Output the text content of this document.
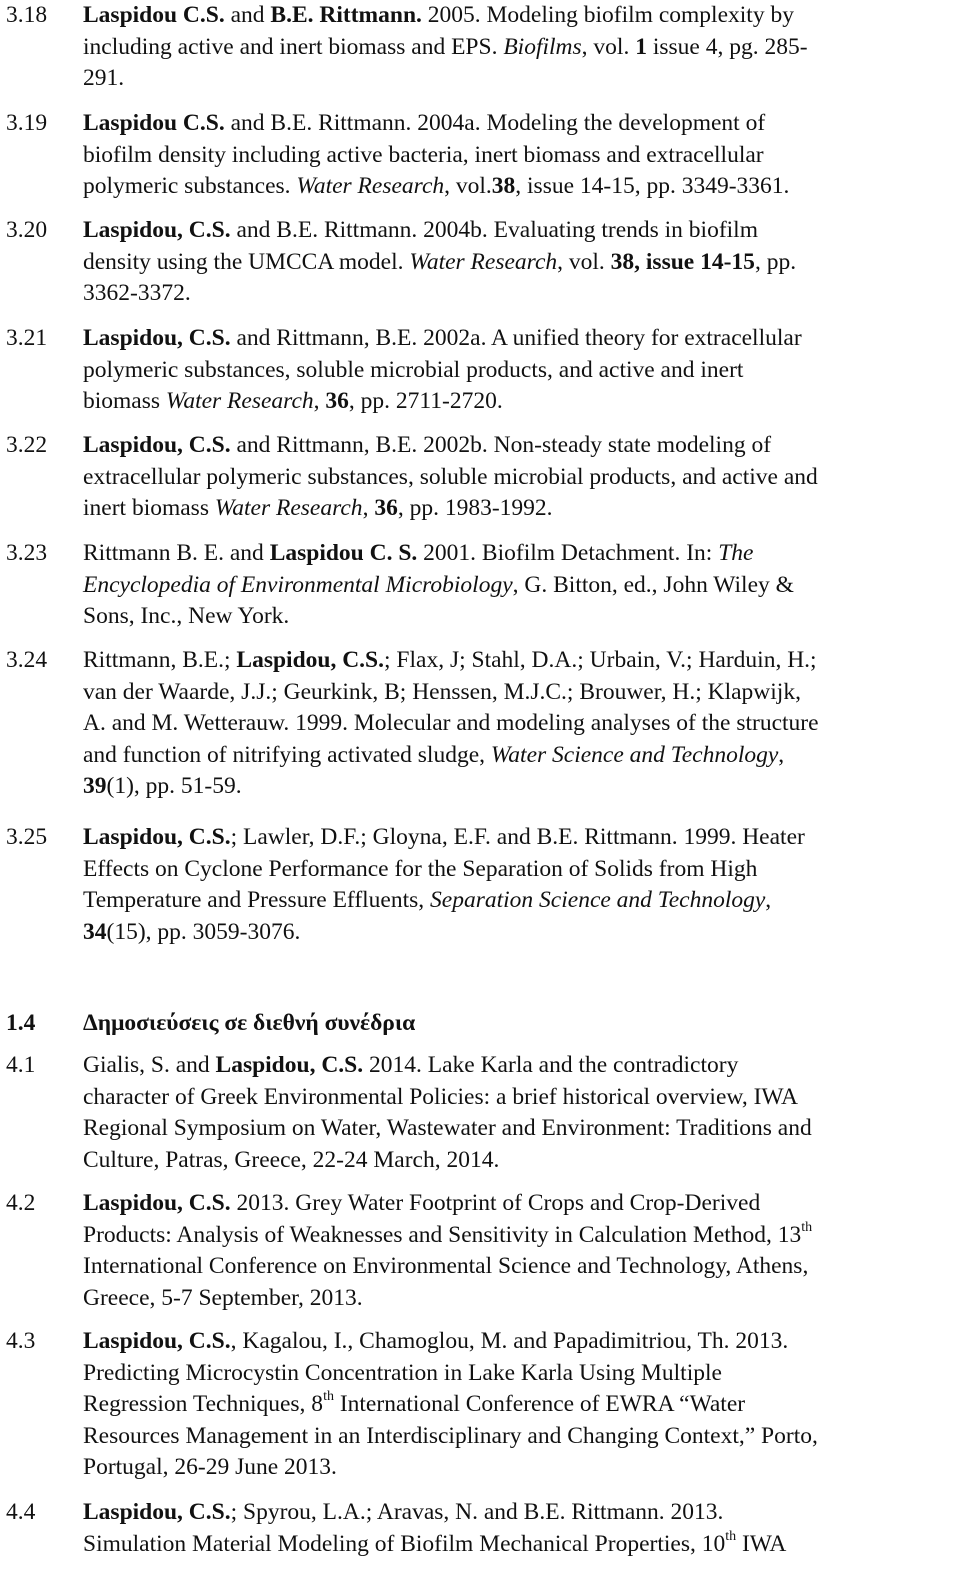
3.18 Laspidou C.S. and B.E. Rittmann. 2005. Modeling biofilm complexity by
including active and inert biomass and EPS. Biofilms, vol. 1 issue 4, pg. 285-
291.
3.19 Laspidou C.S. and B.E. Rittmann. 2004a. Modeling the development of
biofilm density including active bacteria, inert biomass and extracellular
polymeric substances. Water Research, vol.38, issue 14-15, pp. 3349-3361.
3.20 Laspidou, C.S. and B.E. Rittmann. 2004b. Evaluating trends in biofilm
density using the UMCCA model. Water Research, vol. 38, issue 14-15, pp.
3362-3372.
3.21 Laspidou, C.S. and Rittmann, B.E. 2002a. A unified theory for extracellular
polymeric substances, soluble microbial products, and active and inert
biomass Water Research, 36, pp. 2711-2720.
3.22 Laspidou, C.S. and Rittmann, B.E. 2002b. Non-steady state modeling of
extracellular polymeric substances, soluble microbial products, and active and
inert biomass Water Research, 36, pp. 1983-1992.
3.23 Rittmann B. E. and Laspidou C. S. 2001. Biofilm Detachment. In: The
Encyclopedia of Environmental Microbiology, G. Bitton, ed., John Wiley &
Sons, Inc., New York.
3.24 Rittmann, B.E.; Laspidou, C.S.; Flax, J; Stahl, D.A.; Urbain, V.; Harduin, H.;
van der Waarde, J.J.; Geurkink, B; Henssen, M.J.C.; Brouwer, H.; Klapwijk,
A. and M. Wetterauw. 1999. Molecular and modeling analyses of the structure
and function of nitrifying activated sludge, Water Science and Technology,
39(1), pp. 51-59.
3.25 Laspidou, C.S.; Lawler, D.F.; Gloyna, E.F. and B.E. Rittmann. 1999. Heater
Effects on Cyclone Performance for the Separation of Solids from High
Temperature and Pressure Effluents, Separation Science and Technology,
34(15), pp. 3059-3076.
1.4 Δημοσιεύσεις σε διεθνή συνέδρια
4.1 Gialis, S. and Laspidou, C.S. 2014. Lake Karla and the contradictory
character of Greek Environmental Policies: a brief historical overview, IWA
Regional Symposium on Water, Wastewater and Environment: Traditions and
Culture, Patras, Greece, 22-24 March, 2014.
4.2 Laspidou, C.S. 2013. Grey Water Footprint of Crops and Crop-Derived
Products: Analysis of Weaknesses and Sensitivity in Calculation Method, 13th
International Conference on Environmental Science and Technology, Athens,
Greece, 5-7 September, 2013.
4.3 Laspidou, C.S., Kagalou, I., Chamoglou, M. and Papadimitriou, Th. 2013.
Predicting Microcystin Concentration in Lake Karla Using Multiple
Regression Techniques, 8th International Conference of EWRA “Water
Resources Management in an Interdisciplinary and Changing Context,” Porto,
Portugal, 26-29 June 2013.
4.4 Laspidou, C.S.; Spyrou, L.A.; Aravas, N. and B.E. Rittmann. 2013.
Simulation Material Modeling of Biofilm Mechanical Properties, 10th IWA
